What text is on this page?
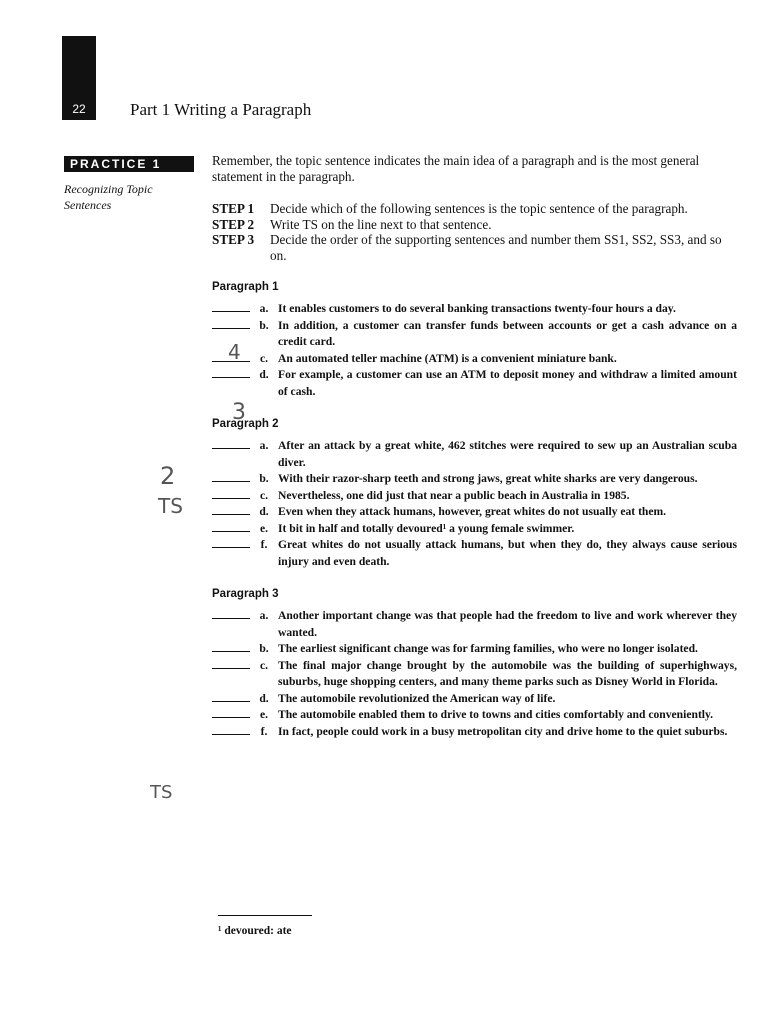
22	Part 1 Writing a Paragraph
PRACTICE 1
Recognizing Topic Sentences
Remember, the topic sentence indicates the main idea of a paragraph and is the most general statement in the paragraph.
STEP 1	Decide which of the following sentences is the topic sentence of the paragraph.
STEP 2	Write TS on the line next to that sentence.
STEP 3	Decide the order of the supporting sentences and number them SS1, SS2, SS3, and so on.
Paragraph 1
a. It enables customers to do several banking transactions twenty-four hours a day.
b. In addition, a customer can transfer funds between accounts or get a cash advance on a credit card.
c. An automated teller machine (ATM) is a convenient miniature bank.
d. For example, a customer can use an ATM to deposit money and withdraw a limited amount of cash.
Paragraph 2
a. After an attack by a great white, 462 stitches were required to sew up an Australian scuba diver.
b. With their razor-sharp teeth and strong jaws, great white sharks are very dangerous.
c. Nevertheless, one did just that near a public beach in Australia in 1985.
d. Even when they attack humans, however, great whites do not usually eat them.
e. It bit in half and totally devoured¹ a young female swimmer.
f. Great whites do not usually attack humans, but when they do, they always cause serious injury and even death.
Paragraph 3
a. Another important change was that people had the freedom to live and work wherever they wanted.
b. The earliest significant change was for farming families, who were no longer isolated.
c. The final major change brought by the automobile was the building of superhighways, suburbs, huge shopping centers, and many theme parks such as Disney World in Florida.
d. The automobile revolutionized the American way of life.
e. The automobile enabled them to drive to towns and cities comfortably and conveniently.
f. In fact, people could work in a busy metropolitan city and drive home to the quiet suburbs.
4
3
2
TS
TS
¹ devoured: ate
